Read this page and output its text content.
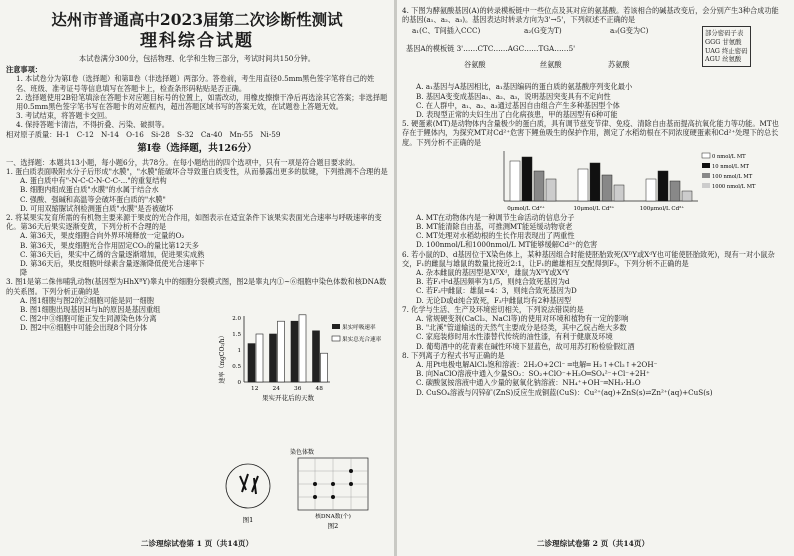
达州市普通高中2023届第二次诊断性测试
理科综合试题
本试卷满分300分，包括物理、化学和生物三部分，考试时间共150分钟。
注意事项：
1. 本试卷分为第Ⅰ卷（选择题）和第Ⅱ卷（非选择题）两部分。答卷前，考生用直径0.5mm黑色签字笔将自己的姓名、班级、准考证号等信息填写在答题卡上，检查条形码粘贴是否正确。
2. 选择题使用2B铅笔填涂在答题卡对应题目标号的位置上，如需改动，用橡皮擦擦干净后再选涂其它答案；非选择题用0.5mm黑色签字笔书写在答题卡的对应框内，超出答题区域书写的答案无效，在试题卷上答题无效。
3. 考试结束，将答题卡交回。
4. 保持答题卡清洁，不得折叠、污染、破损等。
相对原子质量：H-1　C-12　N-14　O-16　Si-28　S-32　Ca-40　Mn-55　Ni-59
第Ⅰ卷（选择题，共126分）
一、选择题：本题共13小题，每小题6分，共78分。在每小题给出的四个选项中，只有一项是符合题目要求的。
1. 蛋白质表面吸附水分子后形成"水膜"，"水膜"能破坏合导致蛋白质变性，从而暴露出更多的肽键，下列推测不合理的是
A. 蛋白质中有"-N-C-C-N-C-C-..."的重复结构
B. 细胞内组成蛋白质"水膜"的水属于结合水
C. 强酸、强碱和高温等会破坏蛋白质的"水膜"
D. 可用双缩脲试剂检测蛋白质"水膜"是否被破坏
2. 将某果实发育所需的有机物主要来源于果皮的光合作用，如图表示在适宜条件下该果实表面光合速率与呼吸速率的变化。第36天后果实逐渐变黄，下列分析不合理的是
A. 第36天，果皮细胞合向外界环境释放一定量的O₂
B. 第36天，果皮细胞光合作用固定CO₂的量比第12天多
C. 第36天后，果实中乙烯的含量逐渐增加，促进果实成熟
D. 第36天后，果皮细胞叶绿素含量逐渐降低使光合速率下降
速率（mgCO₂/h） 0
0.5
1
1.5
2.0
12 24 36 48
果实开花后的天数
果实呼吸速率
果实总光合速率
3. 图1是第二侏伟哺乳动物(基因型为HhXᴮY)睾丸中的细胞分裂模式图，图2是睾丸内①~⑥细胞中染色体数和核DNA数的关系图。下列分析正确的是
A. 图1细胞与图2的②细胞可能是同一细胞
B. 图1细胞出现基因H与h的原因是基因重组
C. 图2中③细胞可能正发生同源染色体分离
D. 图2中⑥细胞中可能会出现8个同分体
图1
染色体数
核DNA数(个)
图2
二诊理综试卷第 1 页（共14页）
4. 下图为酵氨酸基因(A)的转录模板链中一些位点及其对应的氨基酸。若该相合的碱基改变后，会分别产生3种合成功能的基因(a₁、a₂、a₃)。基因表达时转录方向为3'→5'，下列叙述不正确的是
a₁(C、T间插入CCC)	a₂(G变为T)	a₃(G变为C)
基因A的模板链 3'……CTC……AGC……TGA……5'
谷氨酸	丝氨酸	苏氨酸
部分密码子表
GGG 甘氨酸
UAG 终止密码
AGU 丝氨酸
A. a₁基因与A基因相比，a₁基因编码的蛋白质的氨基酸序列变化最小
B. 基因A变变成基因a₁、a₂、a₃，说明基因突变具有不定向性
C. 在人群中，a₁、a₂、a₃通过基因自由组合产生多种基因型个体
D. 表现型正常的夫妇生出了白化病孩患，甲的基因型有6种可能
5. 硬蛋素(MT)是动物体内含量极少的蛋白质，具有调节兹变节律、免疫、清除自由基而提高抗氧化能力等功能。MT也存在于鲤体内，为探究MT对Cd²⁺危害下鲤鱼吸生的保护作用，测定了水稻幼根在不同浓度硬蛋素和Cd²⁺处理下的总长度。下列分析不正确的是
0μmol/L Cd²⁺	10μmol/L Cd²⁺	100μmol/L Cd²⁺
0 nmol/L MT
10 nmol/L MT
100 nmol/L MT
1000 nmol/L MT
A. MT在动物体内是一种调节生命活动的信息分子
B. MT能清除自由基，可推测MT能延缓动物衰老
C. MT处理对水稻幼根的生长作用表现出了两重性
D. 100nmol/L和1000nmol/L MT能够缓解Cd²⁺的危害
6. 若小鼠的D、d基因位于X染色体上，某种基因组合时能使胚胎致死(XᴰY或XᵈY也可能使胚胎致死)，现有一对小鼠杂交，F₁的雌鼠与雄鼠的数量比接近2:1，让F₁的雌雄相互交配得到F₂，下列分析不正确的是
A. 杂本雌鼠的基因型是XᴰXᵈ，雄鼠为XᴰY或XᵈY
B. 若F₁中d基因频率为1/5，则纯合致死基因为d
C. 若F₂中雌鼠：雄鼠=4：3，则纯合致死基因为D
D. 无论D或d纯合致死，F₂中雌鼠均有2种基因型
7. 化学与生活、生产及环境密切相关，下列说法错误的是
A. 常规硬变剂(CaCl₂、NaCl等)的使用对环境和植物有一定的影响
B. "北溪"管道输送的天然气主要成分是烃类，其中乙烷占绝大多数
C. 家庭装修时用水性漆替代传统的油性漆，有利于健康及环境
D. 葡萄酒中的花青素在碱性环境下显蓝色，故可用苏打粉检验假红酒
8. 下列离子方程式书写正确的是
A. 用Pt电极电解AlCl₃饱和溶液：2H₂O+2Cl⁻ ═电解═ H₂↑+Cl₂↑+2OH⁻
B. 向NaClO溶液中通入少量SO₂：SO₂+ClO⁻+H₂O═SO₄²⁻+Cl⁻+2H⁺
C. 碳酸氢铵溶液中通入少量的氨氧化钠溶液：NH₄⁺+OH⁻═NH₃·H₂O
D. CuSO₄溶液与闪锌矿(ZnS)反应生成铜蓝(CuS)：Cu²⁺(aq)+ZnS(s)⇌Zn²⁺(aq)+CuS(s)
二诊理综试卷第 2 页（共14页）
